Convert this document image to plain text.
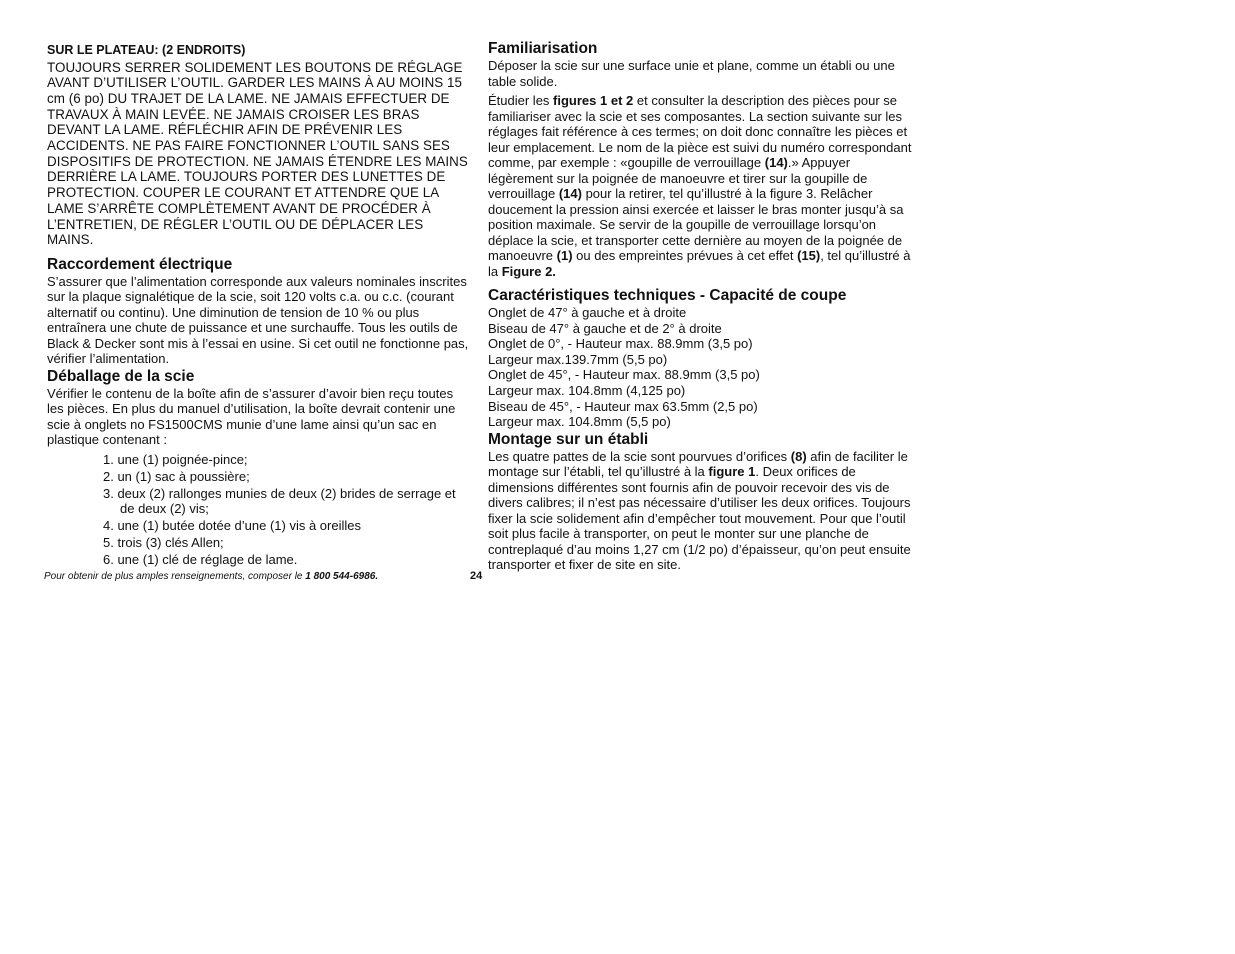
SUR LE PLATEAU: (2 ENDROITS)

TOUJOURS SERRER SOLIDEMENT LES BOUTONS DE RÉGLAGE AVANT D’UTILISER L’OUTIL. GARDER LES MAINS À AU MOINS 15 cm (6 po) DU TRAJET DE LA LAME. NE JAMAIS EFFECTUER DE TRAVAUX À MAIN LEVÉE. NE JAMAIS CROISER LES BRAS DEVANT LA LAME. RÉFLÉCHIR AFIN DE PRÉVENIR LES ACCIDENTS. NE PAS FAIRE FONCTIONNER L’OUTIL SANS SES DISPOSITIFS DE PROTECTION. NE JAMAIS ÉTENDRE LES MAINS DERRIÈRE LA LAME. TOUJOURS PORTER DES LUNETTES DE PROTECTION. COUPER LE COURANT ET ATTENDRE QUE LA LAME S’ARRÊTE COMPLÈTEMENT AVANT DE PROCÉDER À L’ENTRETIEN, DE RÉGLER L’OUTIL OU DE DÉPLACER LES MAINS.

Raccordement électrique

S’assurer que l’alimentation corresponde aux valeurs nominales inscrites sur la plaque signalétique de la scie, soit 120 volts c.a. ou c.c. (courant alternatif ou continu). Une diminution de tension de 10 % ou plus entraînera une chute de puissance et une surchauffe. Tous les outils de Black & Decker sont mis à l’essai en usine. Si cet outil ne fonctionne pas, vérifier l’alimentation.

Déballage de la scie

Vérifier le contenu de la boîte afin de s’assurer d’avoir bien reçu toutes les pièces. En plus du manuel d’utilisation, la boîte devrait contenir une scie à onglets no FS1500CMS munie d’une lame ainsi qu’un sac en plastique contenant :

1. une (1) poignée-pince;
2. un (1) sac à poussière;
3. deux (2) rallonges munies de deux (2) brides de serrage et de deux (2) vis;
4. une (1) butée dotée d’une (1) vis à oreilles
5. trois (3) clés Allen;
6. une (1) clé de réglage de lame.
Familiarisation

Déposer la scie sur une surface unie et plane, comme un établi ou une table solide.

Étudier les figures 1 et 2 et consulter la description des pièces pour se familiariser avec la scie et ses composantes. La section suivante sur les réglages fait référence à ces termes; on doit donc connaître les pièces et leur emplacement. Le nom de la pièce est suivi du numéro correspondant comme, par exemple : «goupille de verrouillage (14).» Appuyer légèrement sur la poignée de manoeuvre et tirer sur la goupille de verrouillage (14) pour la retirer, tel qu’illustré à la figure 3. Relâcher doucement la pression ainsi exercée et laisser le bras monter jusqu’à sa position maximale. Se servir de la goupille de verrouillage lorsqu’on déplace la scie, et transporter cette dernière au moyen de la poignée de manoeuvre (1) ou des empreintes prévues à cet effet (15), tel qu’illustré à la Figure 2.

Caractéristiques techniques - Capacité de coupe

Onglet de 47° à gauche et à droite

Biseau de 47° à gauche et de 2° à droite

Onglet de 0°, - Hauteur max. 88.9mm (3,5 po)

Largeur max.139.7mm (5,5 po)

Onglet de 45°, - Hauteur max. 88.9mm (3,5 po)

Largeur max. 104.8mm (4,125 po)

Biseau de 45°, - Hauteur max 63.5mm (2,5 po)

Largeur max. 104.8mm (5,5 po)

Montage sur un établi

Les quatre pattes de la scie sont pourvues d’orifices (8) afin de faciliter le montage sur l’établi, tel qu’illustré à la figure 1. Deux orifices de dimensions différentes sont fournis afin de pouvoir recevoir des vis de divers calibres; il n’est pas nécessaire d’utiliser les deux orifices. Toujours fixer la scie solidement afin d’empêcher tout mouvement. Pour que l’outil soit plus facile à transporter, on peut le monter sur une planche de contreplaqué d’au moins 1,27 cm (1/2 po) d’épaisseur, qu’on peut ensuite transporter et fixer de site en site.

Pour obtenir de plus amples renseignements, composer le 1 800 544-6986.	24
